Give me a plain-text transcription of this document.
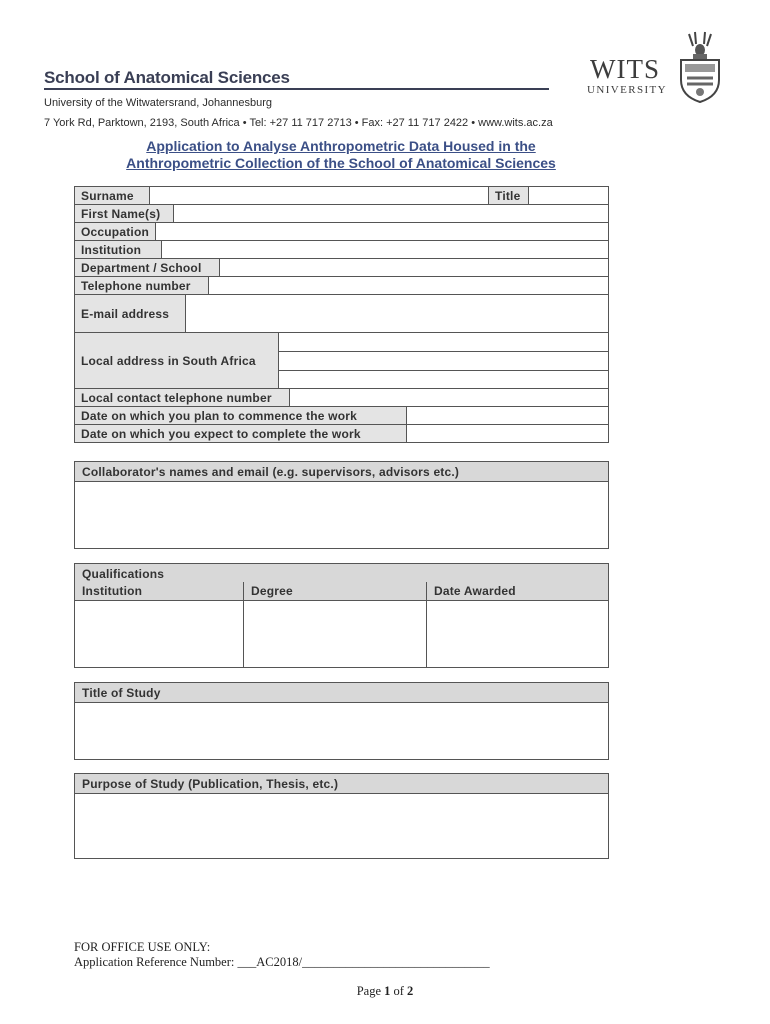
School of Anatomical Sciences
University of the Witwatersrand, Johannesburg
7 York Rd, Parktown, 2193, South Africa • Tel: +27 11 717 2713 • Fax: +27 11 717 2422 • www.wits.ac.za
WITS
UNIVERSITY
Application to Analyse Anthropometric Data Housed in the
Anthropometric Collection of the School of Anatomical Sciences
Surname	Title
First Name(s)
Occupation
Institution
Department / School
Telephone number
E-mail address
Local address in South Africa
Local contact telephone number
Date on which you plan to commence the work
Date on which you expect to complete the work
Collaborator's names and email (e.g. supervisors, advisors etc.)
Qualifications
Institution	Degree	Date Awarded
Title of Study
Purpose of Study (Publication, Thesis, etc.)
FOR OFFICE USE ONLY:
Application Reference Number: ___AC2018/______________________________
Page 1 of 2
